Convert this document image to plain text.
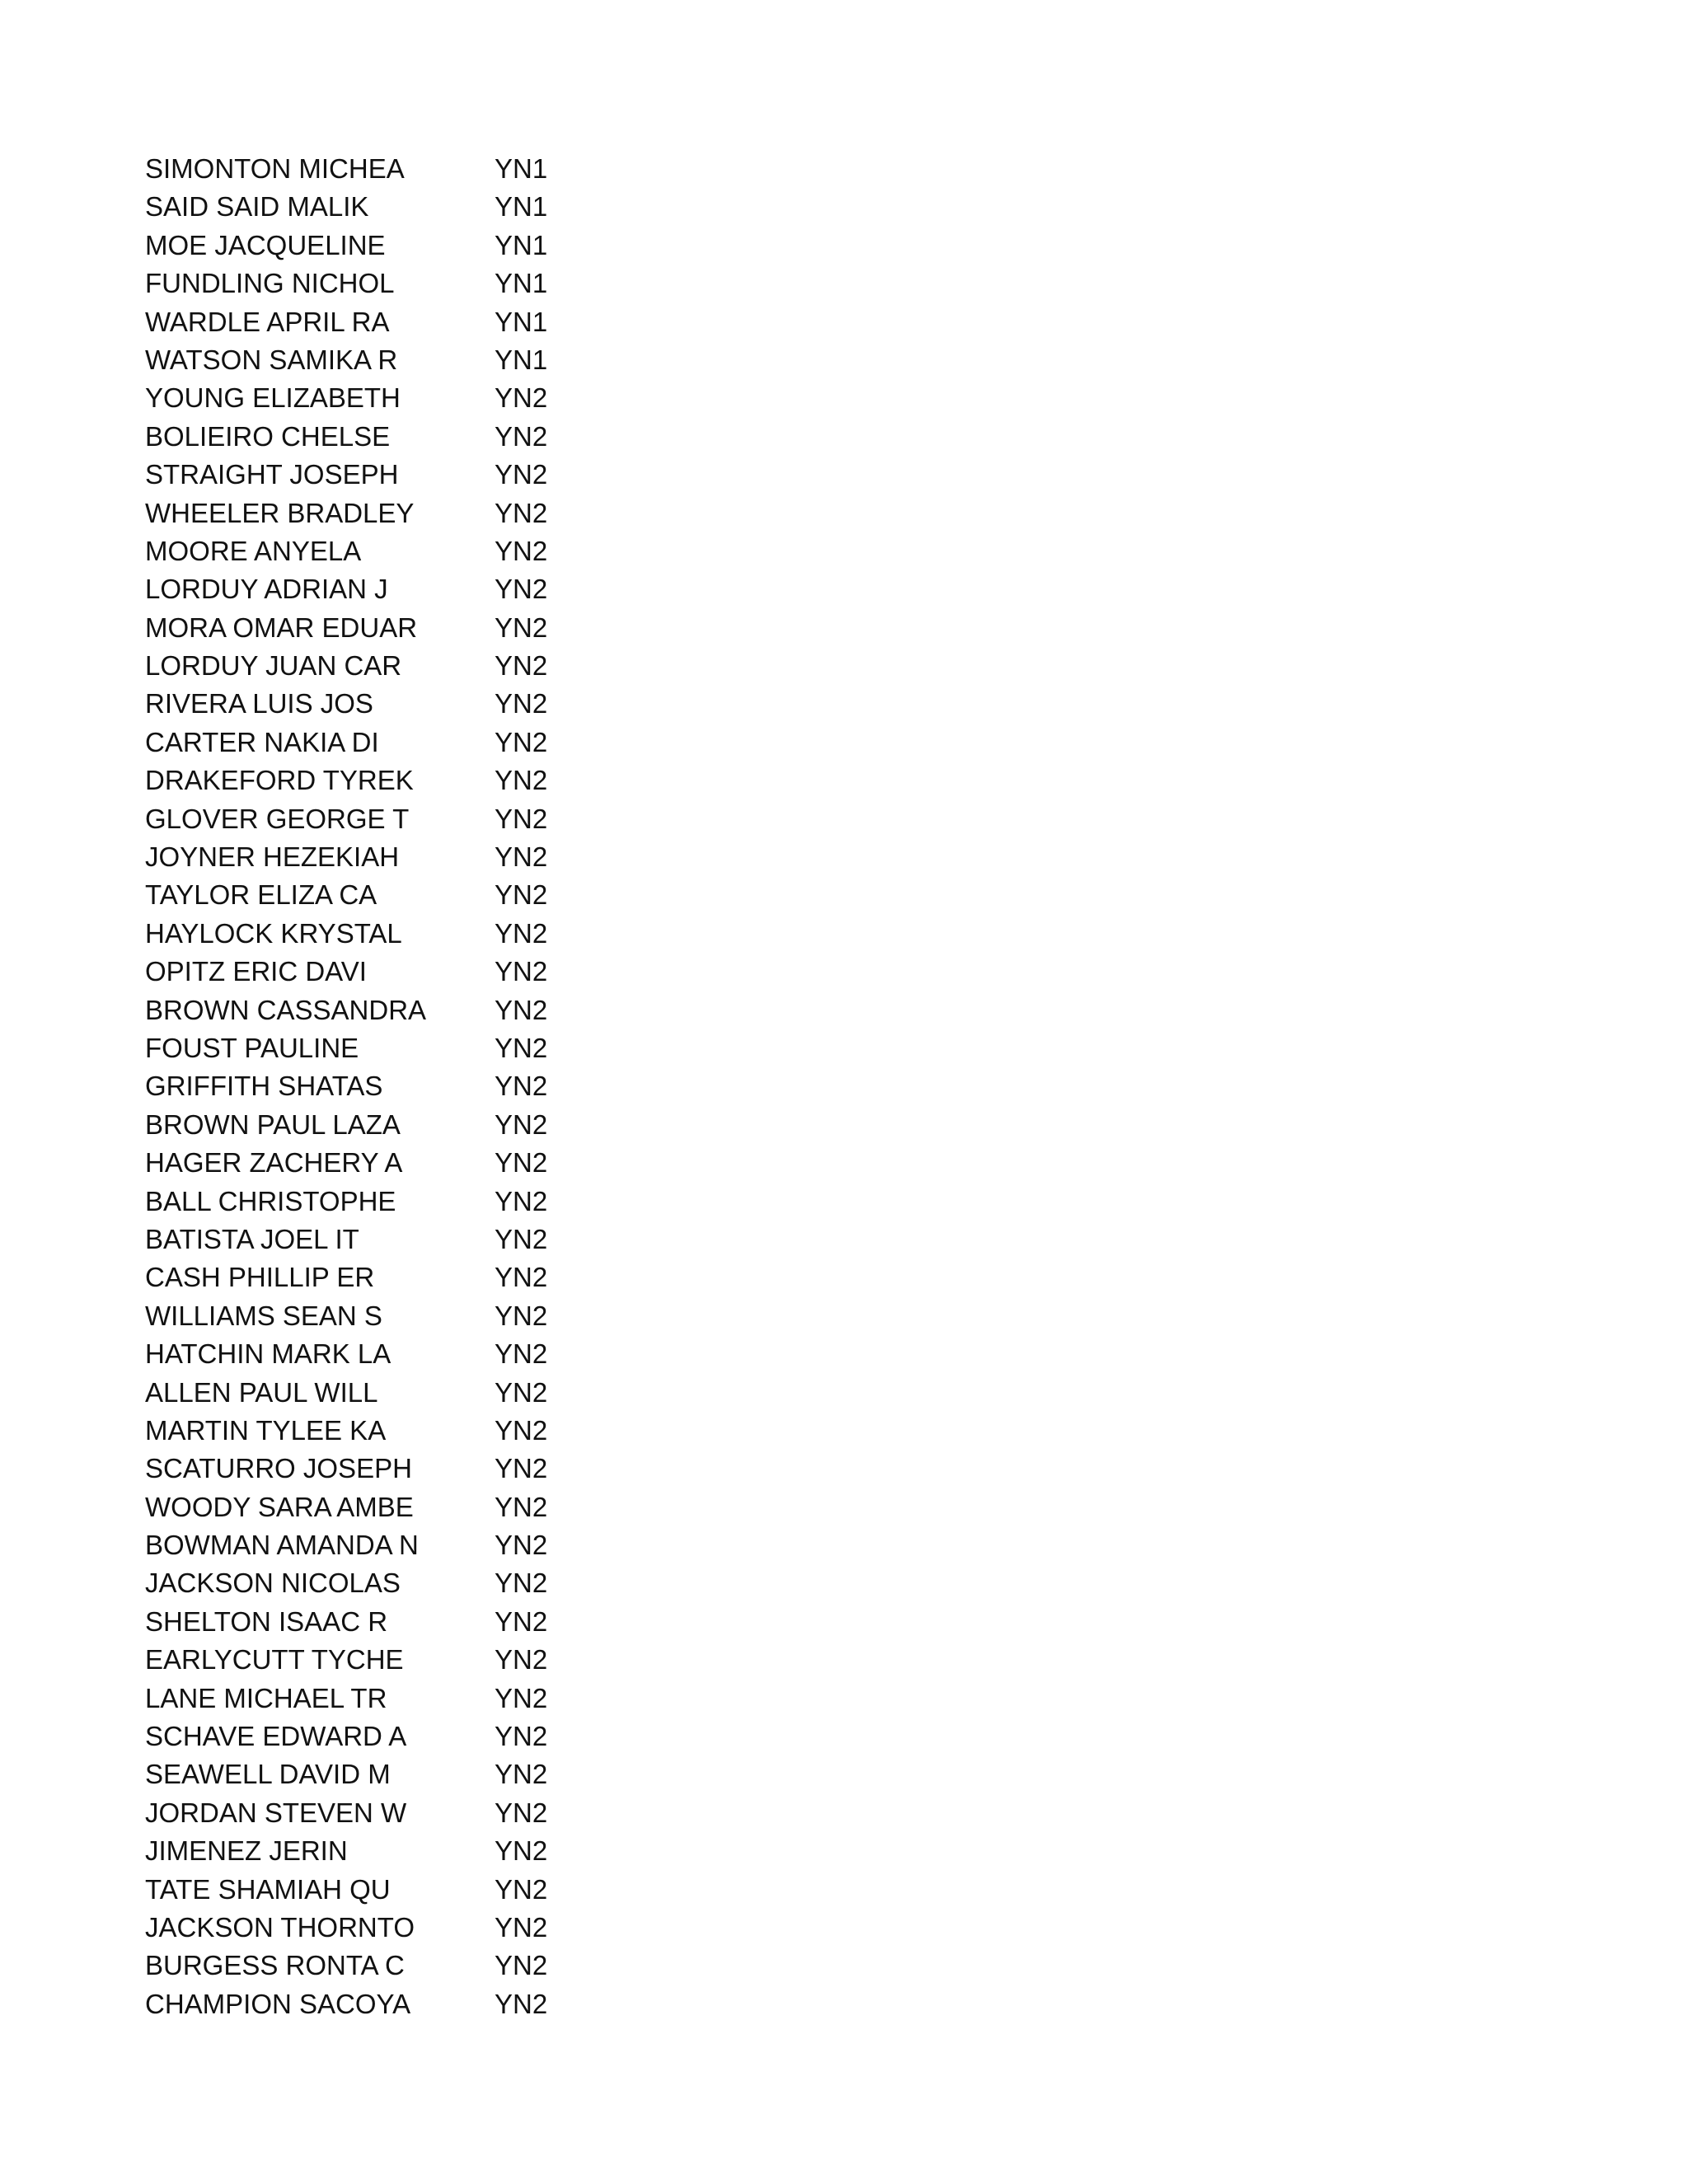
SIMONTON MICHEA	YN1
SAID SAID MALIK	YN1
MOE JACQUELINE	YN1
FUNDLING NICHOL	YN1
WARDLE APRIL RA	YN1
WATSON SAMIKA R	YN1
YOUNG ELIZABETH	YN2
BOLIEIRO CHELSE	YN2
STRAIGHT JOSEPH	YN2
WHEELER BRADLEY	YN2
MOORE ANYELA	YN2
LORDUY ADRIAN J	YN2
MORA OMAR EDUAR	YN2
LORDUY JUAN CAR	YN2
RIVERA LUIS JOS	YN2
CARTER NAKIA DI	YN2
DRAKEFORD TYREK	YN2
GLOVER GEORGE T	YN2
JOYNER HEZEKIAH	YN2
TAYLOR ELIZA CA	YN2
HAYLOCK KRYSTAL	YN2
OPITZ ERIC DAVI	YN2
BROWN CASSANDRA	YN2
FOUST PAULINE	YN2
GRIFFITH SHATAS	YN2
BROWN PAUL LAZA	YN2
HAGER ZACHERY A	YN2
BALL CHRISTOPHE	YN2
BATISTA JOEL IT	YN2
CASH PHILLIP ER	YN2
WILLIAMS SEAN S	YN2
HATCHIN MARK LA	YN2
ALLEN PAUL WILL	YN2
MARTIN TYLEE KA	YN2
SCATURRO JOSEPH	YN2
WOODY SARA AMBE	YN2
BOWMAN AMANDA N	YN2
JACKSON NICOLAS	YN2
SHELTON ISAAC R	YN2
EARLYCUTT TYCHE	YN2
LANE MICHAEL TR	YN2
SCHAVE EDWARD A	YN2
SEAWELL DAVID M	YN2
JORDAN STEVEN W	YN2
JIMENEZ JERIN	YN2
TATE SHAMIAH QU	YN2
JACKSON THORNTO	YN2
BURGESS RONTA C	YN2
CHAMPION SACOYA	YN2
